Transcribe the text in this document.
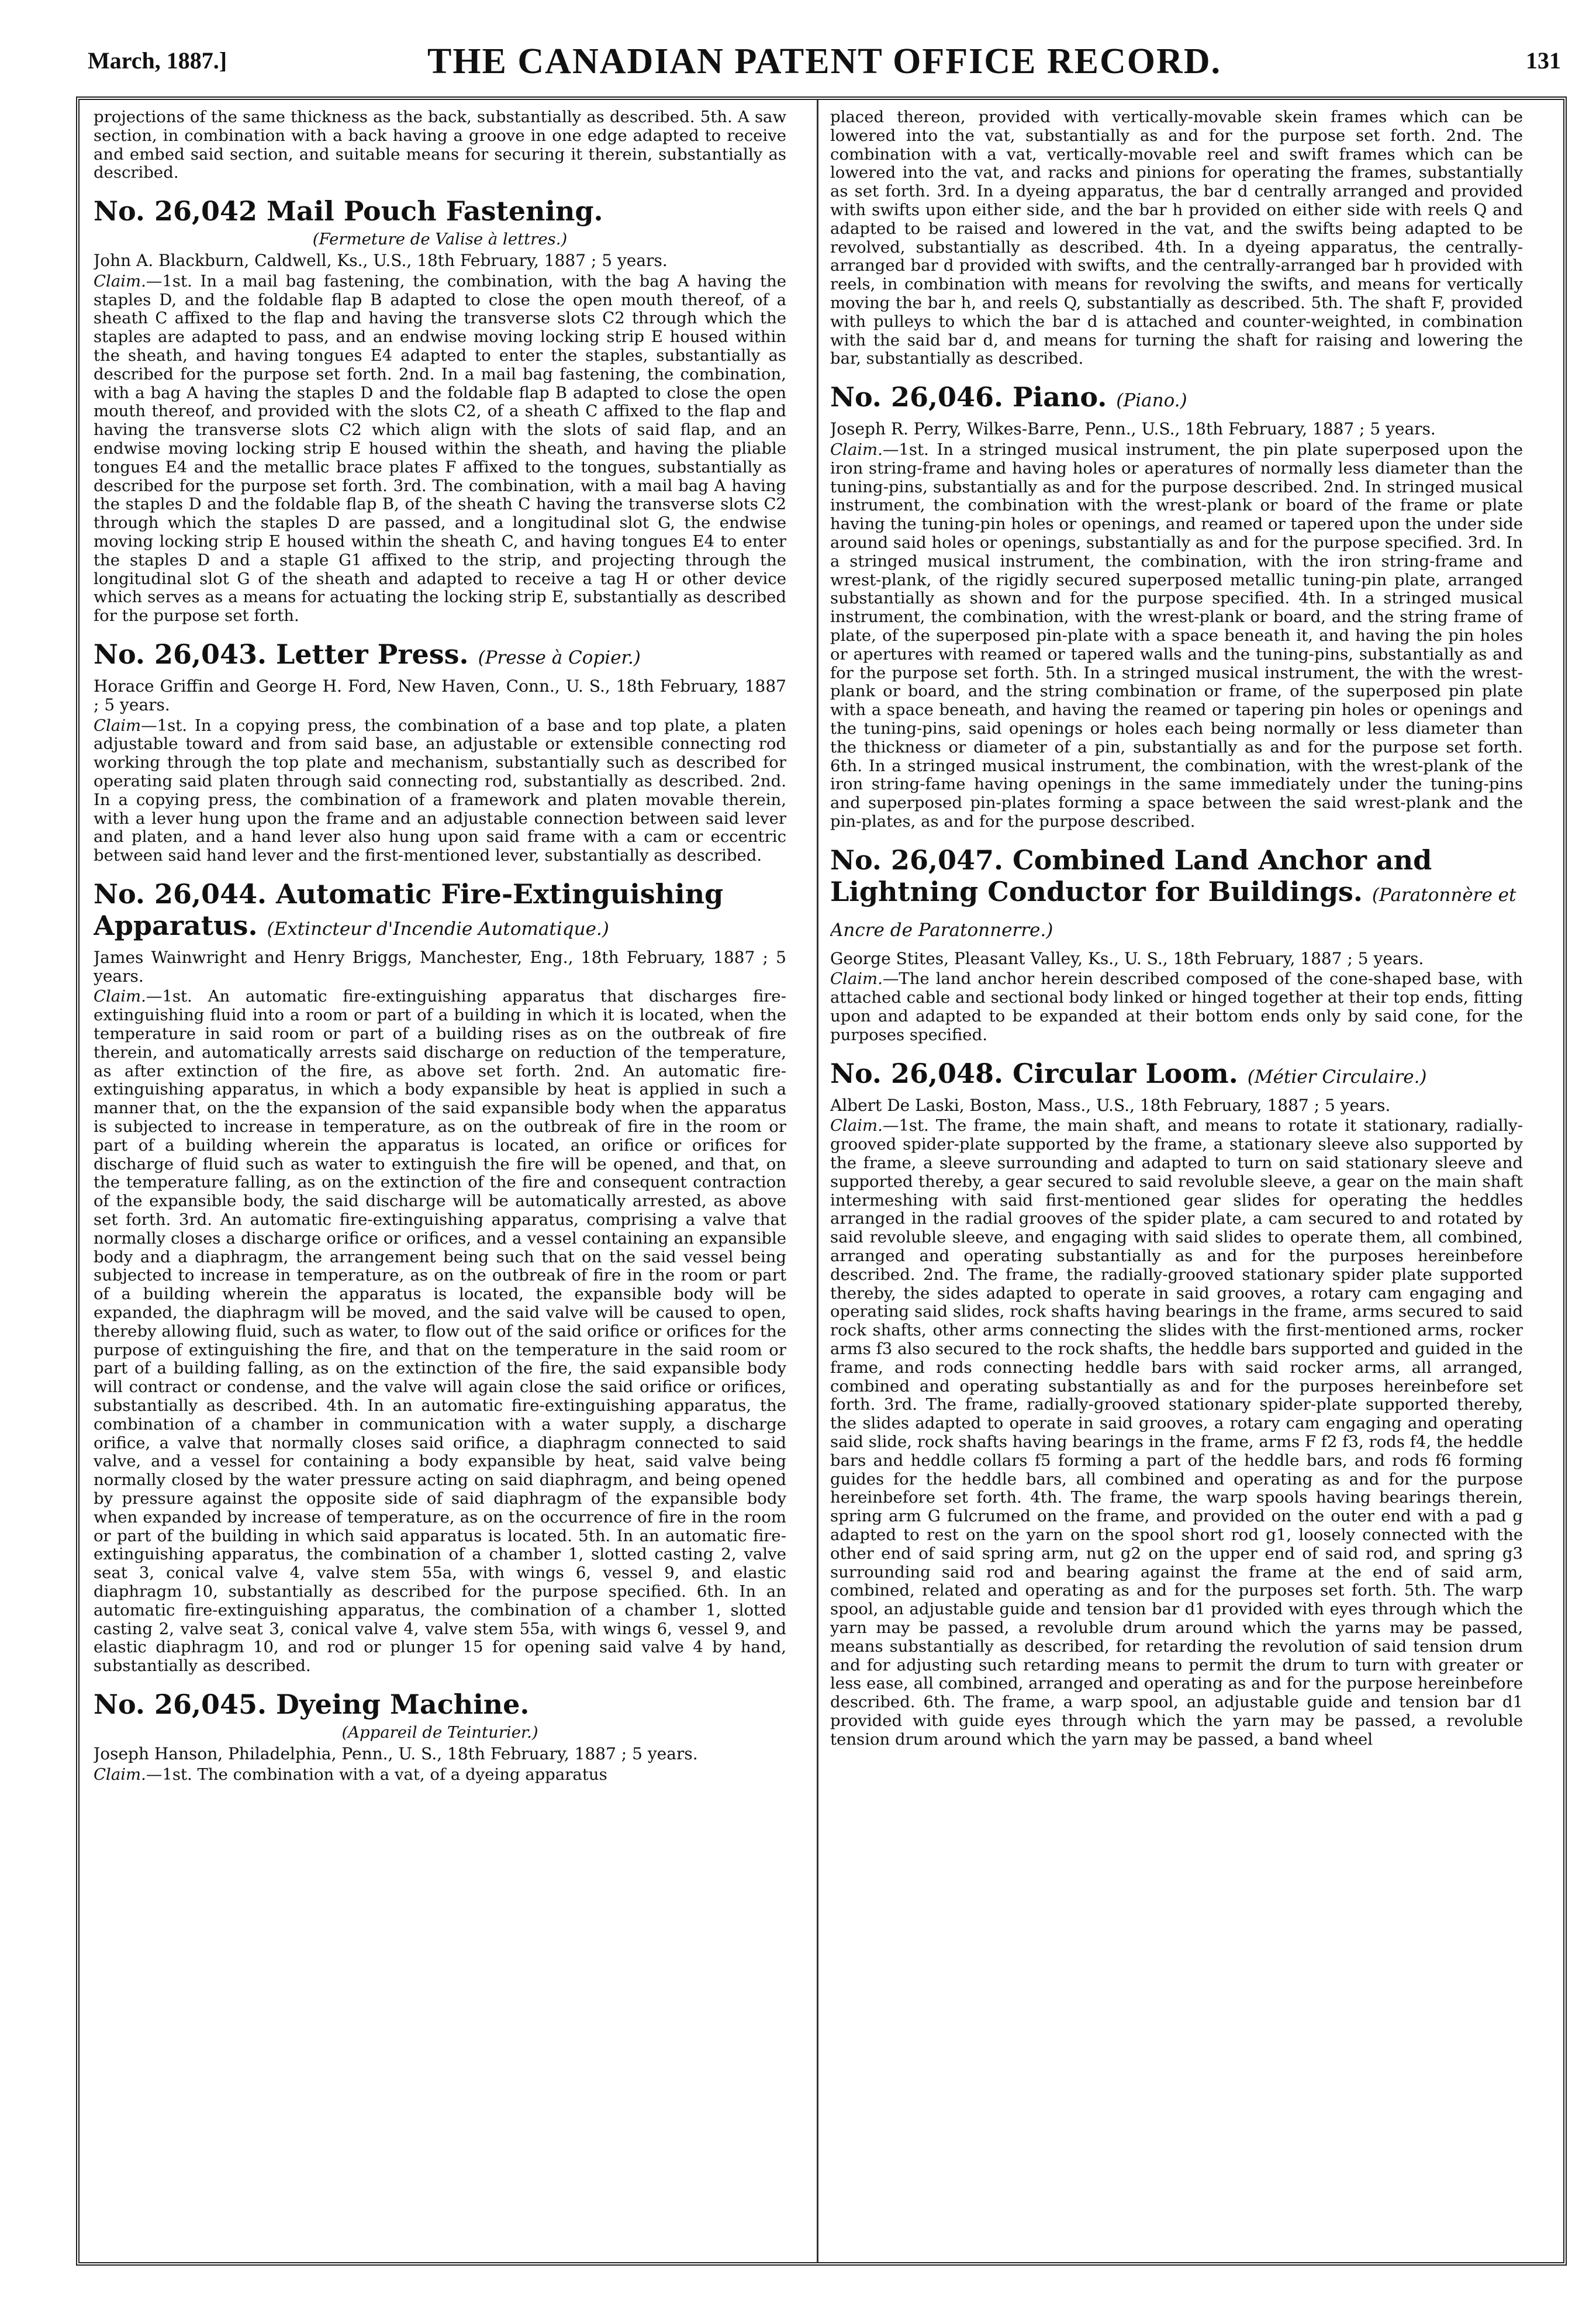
March, 1887.]	THE CANADIAN PATENT OFFICE RECORD.	131

projections of the same thickness as the back, substantially as described. 5th. A saw section, in combination with a back having a groove in one edge adapted to receive and embed said section, and suitable means for securing it therein, substantially as described.

No. 26,042 Mail Pouch Fastening.
(Fermeture de Valise à lettres.)
John A. Blackburn, Caldwell, Ks., U.S., 18th February, 1887 ; 5 years.

Claim.—1st. In a mail bag fastening, the combination, with the bag A having the staples D, and the foldable flap B adapted to close the open mouth thereof, of a sheath C affixed to the flap and having the transverse slots C2 through which the staples are adapted to pass, and an endwise moving locking strip E housed within the sheath, and having tongues E4 adapted to enter the staples, substantially as described for the purpose set forth. 2nd. In a mail bag fastening, the combination, with a bag A having the staples D and the foldable flap B adapted to close the open mouth thereof, and provided with the slots C2, of a sheath C affixed to the flap and having the transverse slots C2 which align with the slots of said flap, and an endwise moving locking strip E housed within the sheath, and having the pliable tongues E4 and the metallic brace plates F affixed to the tongues, substantially as described for the purpose set forth. 3rd. The combination, with a mail bag A having the staples D and the foldable flap B, of the sheath C having the transverse slots C2 through which the staples D are passed, and a longitudinal slot G, the endwise moving locking strip E housed within the sheath C, and having tongues E4 to enter the staples D and a staple G1 affixed to the strip, and projecting through the longitudinal slot G of the sheath and adapted to receive a tag H or other device which serves as a means for actuating the locking strip E, substantially as described for the purpose set forth.

No. 26,043. Letter Press. (Presse à Copier.)
Horace Griffin and George H. Ford, New Haven, Conn., U. S., 18th February, 1887 ; 5 years.

Claim—1st. In a copying press, the combination of a base and top plate, a platen adjustable toward and from said base, an adjustable or extensible connecting rod working through the top plate and mechanism, substantially such as described for operating said platen through said connecting rod, substantially as described. 2nd. In a copying press, the combination of a framework and platen movable therein, with a lever hung upon the frame and an adjustable connection between said lever and platen, and a hand lever also hung upon said frame with a cam or eccentric between said hand lever and the first-mentioned lever, substantially as described.

No. 26,044. Automatic Fire-Extinguishing Apparatus. (Extincteur d'Incendie Automatique.)
James Wainwright and Henry Briggs, Manchester, Eng., 18th February, 1887 ; 5 years.

Claim.—1st. An automatic fire-extinguishing apparatus that discharges fire-extinguishing fluid into a room or part of a building in which it is located, when the temperature in said room or part of a building rises as on the outbreak of fire therein, and automatically arrests said discharge on reduction of the temperature, as after extinction of the fire, as above set forth. 2nd. An automatic fire-extinguishing apparatus, in which a body expansible by heat is applied in such a manner that, on the the expansion of the said expansible body when the apparatus is subjected to increase in temperature, as on the outbreak of fire in the room or part of a building wherein the apparatus is located, an orifice or orifices for discharge of fluid such as water to extinguish the fire will be opened, and that, on the temperature falling, as on the extinction of the fire and consequent contraction of the expansible body, the said discharge will be automatically arrested, as above set forth. 3rd. An automatic fire-extinguishing apparatus, comprising a valve that normally closes a discharge orifice or orifices, and a vessel containing an expansible body and a diaphragm, the arrangement being such that on the said vessel being subjected to increase in temperature, as on the outbreak of fire in the room or part of a building wherein the apparatus is located, the expansible body will be expanded, the diaphragm will be moved, and the said valve will be caused to open, thereby allowing fluid, such as water, to flow out of the said orifice or orifices for the purpose of extinguishing the fire, and that on the temperature in the said room or part of a building falling, as on the extinction of the fire, the said expansible body will contract or condense, and the valve will again close the said orifice or orifices, substantially as described. 4th. In an automatic fire-extinguishing apparatus, the combination of a chamber in communication with a water supply, a discharge orifice, a valve that normally closes said orifice, a diaphragm connected to said valve, and a vessel for containing a body expansible by heat, said valve being normally closed by the water pressure acting on said diaphragm, and being opened by pressure against the opposite side of said diaphragm of the expansible body when expanded by increase of temperature, as on the occurrence of fire in the room or part of the building in which said apparatus is located. 5th. In an automatic fire-extinguishing apparatus, the combination of a chamber 1, slotted casting 2, valve seat 3, conical valve 4, valve stem 55a, with wings 6, vessel 9, and elastic diaphragm 10, substantially as described for the purpose specified. 6th. In an automatic fire-extinguishing apparatus, the combination of a chamber 1, slotted casting 2, valve seat 3, conical valve 4, valve stem 55a, with wings 6, vessel 9, and elastic diaphragm 10, and rod or plunger 15 for opening said valve 4 by hand, substantially as described.

No. 26,045. Dyeing Machine.
(Appareil de Teinturier.)
Joseph Hanson, Philadelphia, Penn., U. S., 18th February, 1887 ; 5 years.

Claim.—1st. The combination with a vat, of a dyeing apparatus

placed thereon, provided with vertically-movable skein frames which can be lowered into the vat, substantially as and for the purpose set forth. 2nd. The combination with a vat, vertically-movable reel and swift frames which can be lowered into the vat, and racks and pinions for operating the frames, substantially as set forth. 3rd. In a dyeing apparatus, the bar d centrally arranged and provided with swifts upon either side, and the bar h provided on either side with reels Q and adapted to be raised and lowered in the vat, and the swifts being adapted to be revolved, substantially as described. 4th. In a dyeing apparatus, the centrally-arranged bar d provided with swifts, and the centrally-arranged bar h provided with reels, in combination with means for revolving the swifts, and means for vertically moving the bar h, and reels Q, substantially as described. 5th. The shaft F, provided with pulleys to which the bar d is attached and counter-weighted, in combination with the said bar d, and means for turning the shaft for raising and lowering the bar, substantially as described.

No. 26,046. Piano. (Piano.)
Joseph R. Perry, Wilkes-Barre, Penn., U.S., 18th February, 1887 ; 5 years.

Claim.—1st. In a stringed musical instrument, the pin plate superposed upon the iron string-frame and having holes or aperatures of normally less diameter than the tuning-pins, substantially as and for the purpose described. 2nd. In stringed musical instrument, the combination with the wrest-plank or board of the frame or plate having the tuning-pin holes or openings, and reamed or tapered upon the under side around said holes or openings, substantially as and for the purpose specified. 3rd. In a stringed musical instrument, the combination, with the iron string-frame and wrest-plank, of the rigidly secured superposed metallic tuning-pin plate, arranged substantially as shown and for the purpose specified. 4th. In a stringed musical instrument, the combination, with the wrest-plank or board, and the string frame of plate, of the superposed pin-plate with a space beneath it, and having the pin holes or apertures with reamed or tapered walls and the tuning-pins, substantially as and for the purpose set forth. 5th. In a stringed musical instrument, the with the wrest-plank or board, and the string combination or frame, of the superposed pin plate with a space beneath, and having the reamed or tapering pin holes or openings and the tuning-pins, said openings or holes each being normally or less diameter than the thickness or diameter of a pin, substantially as and for the purpose set forth. 6th. In a stringed musical instrument, the combination, with the wrest-plank of the iron string-fame having openings in the same immediately under the tuning-pins and superposed pin-plates forming a space between the said wrest-plank and the pin-plates, as and for the purpose described.

No. 26,047. Combined Land Anchor and Lightning Conductor for Buildings. (Paratonnère et Ancre de Paratonnerre.)
George Stites, Pleasant Valley, Ks., U. S., 18th February, 1887 ; 5 years.

Claim.—The land anchor herein described composed of the cone-shaped base, with attached cable and sectional body linked or hinged together at their top ends, fitting upon and adapted to be expanded at their bottom ends only by said cone, for the purposes specified.

No. 26,048. Circular Loom. (Métier Circulaire.)
Albert De Laski, Boston, Mass., U.S., 18th February, 1887 ; 5 years.

Claim.—1st. The frame, the main shaft, and means to rotate it stationary, radially-grooved spider-plate supported by the frame, a stationary sleeve also supported by the frame, a sleeve surrounding and adapted to turn on said stationary sleeve and supported thereby, a gear secured to said revoluble sleeve, a gear on the main shaft intermeshing with said first-mentioned gear slides for operating the heddles arranged in the radial grooves of the spider plate, a cam secured to and rotated by said revoluble sleeve, and engaging with said slides to operate them, all combined, arranged and operating substantially as and for the purposes hereinbefore described. 2nd. The frame, the radially-grooved stationary spider plate supported thereby, the sides adapted to operate in said grooves, a rotary cam engaging and operating said slides, rock shafts having bearings in the frame, arms secured to said rock shafts, other arms connecting the slides with the first-mentioned arms, rocker arms f3 also secured to the rock shafts, the heddle bars supported and guided in the frame, and rods connecting heddle bars with said rocker arms, all arranged, combined and operating substantially as and for the purposes hereinbefore set forth. 3rd. The frame, radially-grooved stationary spider-plate supported thereby, the slides adapted to operate in said grooves, a rotary cam engaging and operating said slide, rock shafts having bearings in the frame, arms F f2 f3, rods f4, the heddle bars and heddle collars f5 forming a part of the heddle bars, and rods f6 forming guides for the heddle bars, all combined and operating as and for the purpose hereinbefore set forth. 4th. The frame, the warp spools having bearings therein, spring arm G fulcrumed on the frame, and provided on the outer end with a pad g adapted to rest on the yarn on the spool short rod g1, loosely connected with the other end of said spring arm, nut g2 on the upper end of said rod, and spring g3 surrounding said rod and bearing against the frame at the end of said arm, combined, related and operating as and for the purposes set forth. 5th. The warp spool, an adjustable guide and tension bar d1 provided with eyes through which the yarn may be passed, a revoluble drum around which the yarns may be passed, means substantially as described, for retarding the revolution of said tension drum and for adjusting such retarding means to permit the drum to turn with greater or less ease, all combined, arranged and operating as and for the purpose hereinbefore described. 6th. The frame, a warp spool, an adjustable guide and tension bar d1 provided with guide eyes through which the yarn may be passed, a revoluble tension drum around which the yarn may be passed, a band wheel
